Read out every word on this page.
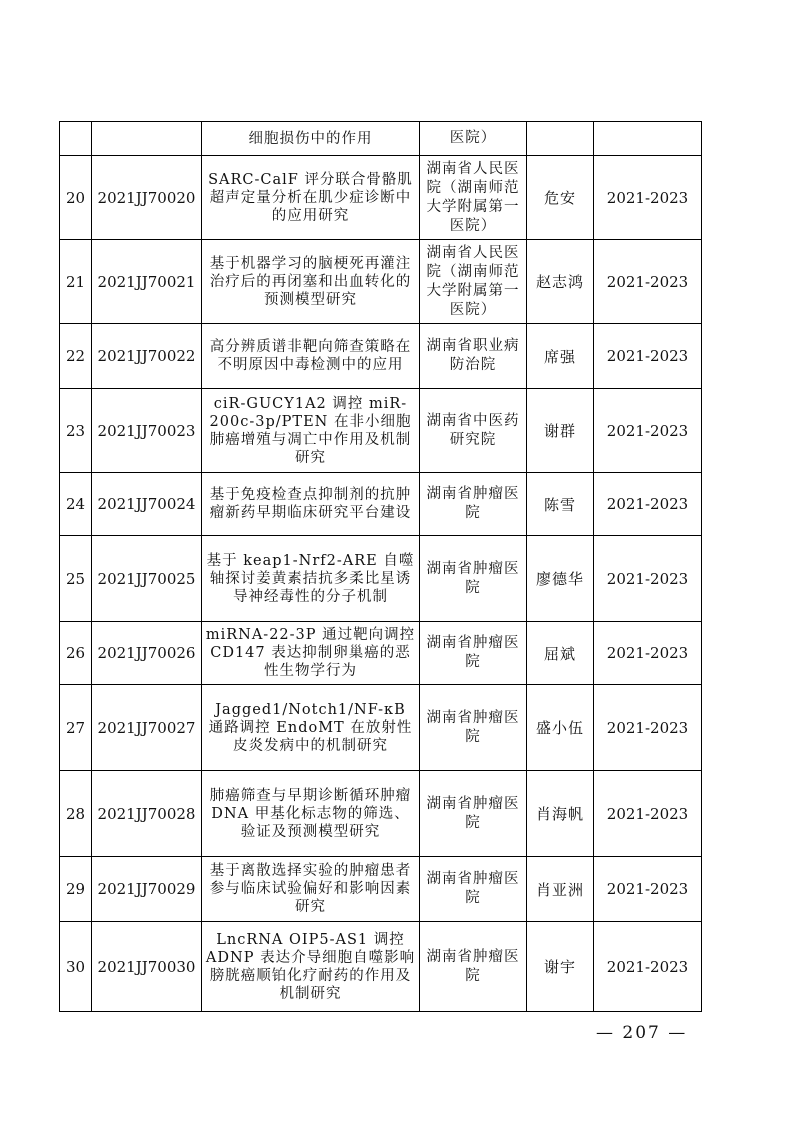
		细胞损伤中的作用	医院）		
20	2021JJ70020	SARC-CalF 评分联合骨骼肌超声定量分析在肌少症诊断中的应用研究	湖南省人民医院（湖南师范大学附属第一医院）	危安	2021-2023
21	2021JJ70021	基于机器学习的脑梗死再灌注治疗后的再闭塞和出血转化的预测模型研究	湖南省人民医院（湖南师范大学附属第一医院）	赵志鸿	2021-2023
22	2021JJ70022	高分辨质谱非靶向筛查策略在不明原因中毒检测中的应用	湖南省职业病防治院	席强	2021-2023
23	2021JJ70023	ciR-GUCY1A2 调控 miR-200c-3p/PTEN 在非小细胞肺癌增殖与凋亡中作用及机制研究	湖南省中医药研究院	谢群	2021-2023
24	2021JJ70024	基于免疫检查点抑制剂的抗肿瘤新药早期临床研究平台建设	湖南省肿瘤医院	陈雪	2021-2023
25	2021JJ70025	基于 keap1-Nrf2-ARE 自噬轴探讨姜黄素拮抗多柔比星诱导神经毒性的分子机制	湖南省肿瘤医院	廖德华	2021-2023
26	2021JJ70026	miRNA-22-3P 通过靶向调控 CD147 表达抑制卵巢癌的恶性生物学行为	湖南省肿瘤医院	屈斌	2021-2023
27	2021JJ70027	Jagged1/Notch1/NF-κB 通路调控 EndoMT 在放射性皮炎发病中的机制研究	湖南省肿瘤医院	盛小伍	2021-2023
28	2021JJ70028	肺癌筛查与早期诊断循环肿瘤 DNA 甲基化标志物的筛选、验证及预测模型研究	湖南省肿瘤医院	肖海帆	2021-2023
29	2021JJ70029	基于离散选择实验的肿瘤患者参与临床试验偏好和影响因素研究	湖南省肿瘤医院	肖亚洲	2021-2023
30	2021JJ70030	LncRNA OIP5-AS1 调控 ADNP 表达介导细胞自噬影响膀胱癌顺铂化疗耐药的作用及机制研究	湖南省肿瘤医院	谢宇	2021-2023
— 207 —
